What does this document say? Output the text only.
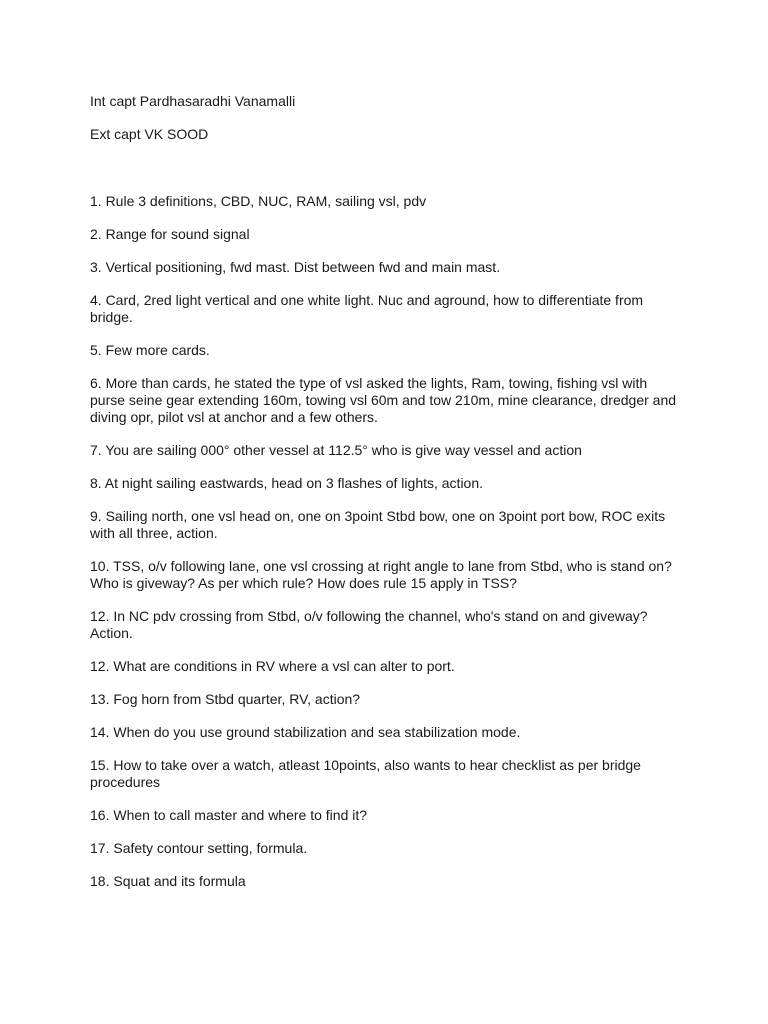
Int capt Pardhasaradhi Vanamalli

Ext capt VK SOOD

1. Rule 3 definitions, CBD, NUC, RAM, sailing vsl, pdv

2. Range for sound signal

3. Vertical positioning, fwd mast. Dist between fwd and main mast.

4. Card, 2red light vertical and one white light. Nuc and aground, how to differentiate from bridge.

5. Few more cards.

6. More than cards, he stated the type of vsl asked the lights, Ram, towing, fishing vsl with purse seine gear extending 160m, towing vsl 60m and tow 210m, mine clearance, dredger and diving opr, pilot vsl at anchor and a few others.

7. You are sailing 000° other vessel at 112.5° who is give way vessel and action

8. At night sailing eastwards, head on 3 flashes of lights, action.

9. Sailing north, one vsl head on, one on 3point Stbd bow, one on 3point port bow, ROC exits with all three, action.

10. TSS, o/v following lane, one vsl crossing at right angle to lane from Stbd, who is stand on? Who is giveway? As per which rule? How does rule 15 apply in TSS?

12. In NC pdv crossing from Stbd, o/v following the channel, who's stand on and giveway? Action.

12. What are conditions in RV where a vsl can alter to port.

13. Fog horn from Stbd quarter, RV, action?

14. When do you use ground stabilization and sea stabilization mode.

15. How to take over a watch, atleast 10points, also wants to hear checklist as per bridge procedures

16. When to call master and where to find it?

17. Safety contour setting, formula.

18. Squat and its formula
